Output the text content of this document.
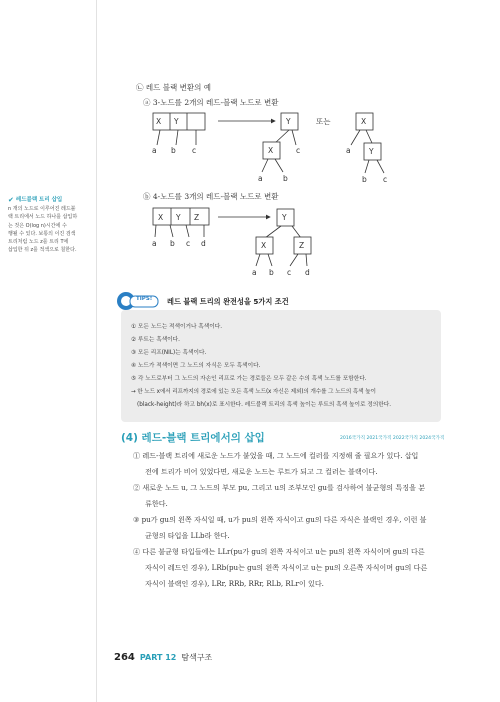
✔ 레드블랙 트리 삽입
n 개의 노드로 이루어진 레드블
랙 트리에서 노드 하나를 삽입하
는 것은 O(log n)시간에 수
행될 수 있다. 보통의 이진 검색
트리처럼 노드 z를 트리 T에
삽입한 뒤 z를 적색으로 칠한다.
㉡ 레드 블랙 변환의 예
ⓐ 3-노드를 2개의 레드-블랙 노드로 변환
X Y
a b c
Y
X	c
a	b
또는	X
a Y
b c
X Y Z
a b c d
Y
X	Z
a b c d
ⓑ 4-노드를 3개의 레드-블랙 노드로 변환
TIPS! 레드 블랙 트리의 완전성을 5가지 조건
① 모든 노드는 적색이거나 흑색이다.
② 루트는 흑색이다.
③ 모든 리프(NIL)는 흑색이다.
④ 노드가 적색이면 그 노드의 자식은 모두 흑색이다.
⑤ 각 노드로부터 그 노드의 자손인 리프로 가는 경로들은 모두 같은 수의 흑색 노드를 포함한다.
→ 한 노드 x에서 리프까지의 경로에 있는 모든 흑색 노드(x 자신은 제외)의 개수를 그 노드의 흑색 높이
(black-height)라 하고 bh(x)로 표시한다. 레드블랙 트리의 흑색 높이는 루트의 흑색 높이로 정의한다.
(4) 레드-블랙 트리에서의 삽입	2016국가직 2021국가직 2022국가직 2024국가직
① 레드-블랙 트리에 새로운 노드가 붙었을 때, 그 노드에 컬러를 지정해 줄 필요가 있다. 삽입
전에 트리가 비어 있었다면, 새로운 노드는 루트가 되고 그 컬러는 블랙이다.
② 새로운 노드 u, 그 노드의 부모 pu, 그리고 u의 조부모인 gu를 검사하여 불균형의 특징을 분
류한다.
③ pu가 gu의 왼쪽 자식일 때, u가 pu의 왼쪽 자식이고 gu의 다른 자식은 블랙인 경우, 이런 불
균형의 타입을 LLb라 한다.
④ 다른 불균형 타입들에는 LLr(pu가 gu의 왼쪽 자식이고 u는 pu의 왼쪽 자식이며 gu의 다른
자식이 레드인 경우), LRb(pu는 gu의 왼쪽 자식이고 u는 pu의 오른쪽 자식이며 gu의 다른
자식이 블랙인 경우), LRr, RRb, RRr, RLb, RLr이 있다.
264 PART 12 탐색구조
